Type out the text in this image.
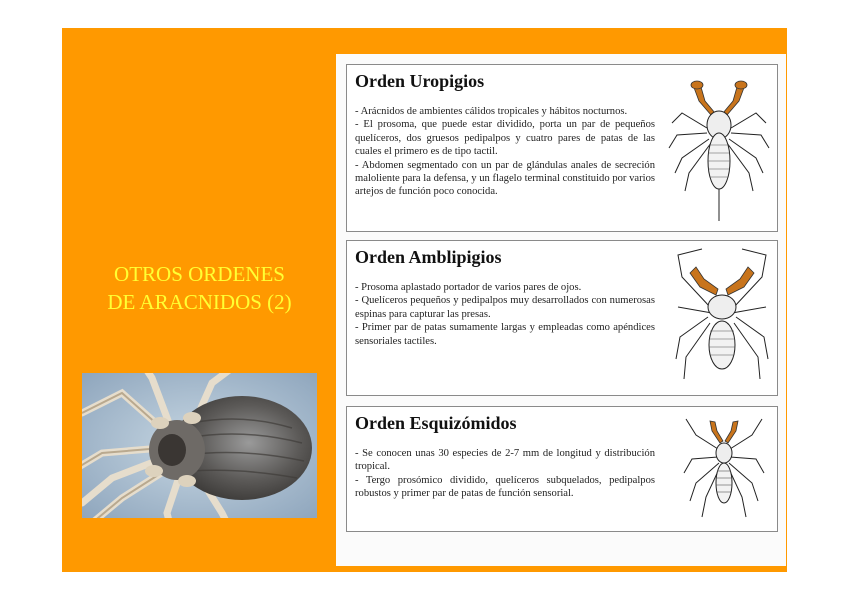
OTROS ORDENES
DE ARACNIDOS (2)
Orden Uropigios

- Arácnidos de ambientes cálidos tropicales y hábitos nocturnos.

- El prosoma, que puede estar dividido, porta un par de pequeños quelíceros, dos gruesos pedipalpos y cuatro pares de patas de las cuales el primero es de tipo tactil.

- Abdomen segmentado con un par de glándulas anales de secreción maloliente para la defensa, y un flagelo terminal constituido por varios artejos de función poco conocida.

Orden Amblipigios

- Prosoma aplastado portador de varios pares de ojos.

- Quelíceros pequeños y pedipalpos muy desarrollados con numerosas espinas para capturar las presas.

- Primer par de patas sumamente largas y empleadas como apéndices sensoriales tactiles.

Orden Esquizómidos

- Se conocen unas 30 especies de 2-7 mm de longitud y distribución tropical.

- Tergo prosómico dividido, quelíceros subquelados, pedipalpos robustos y primer par de patas de función sensorial.
